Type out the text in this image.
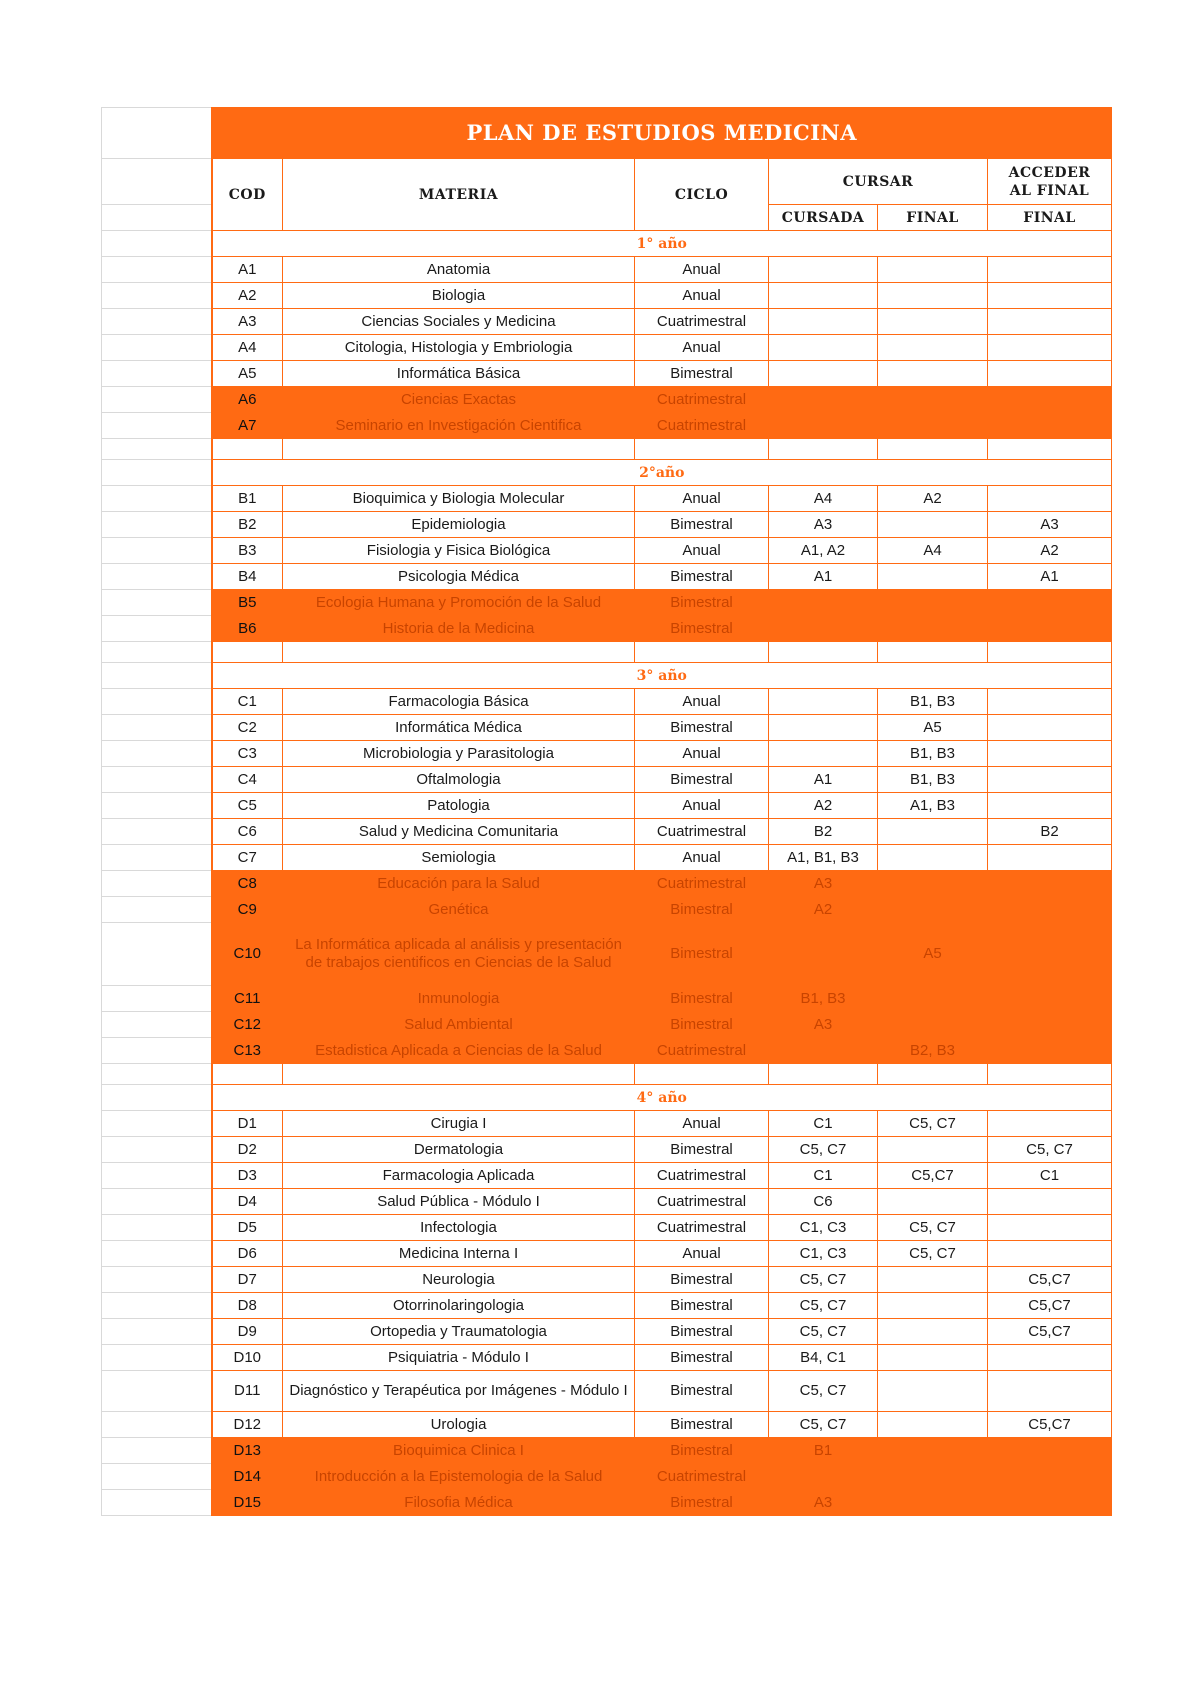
	PLAN DE ESTUDIOS MEDICINA					
	COD	MATERIA	CICLO	CURSAR		ACCEDER
AL FINAL
				CURSADA	FINAL	FINAL
	1° año					
	A1	Anatomia	Anual			
	A2	Biologia	Anual			
	A3	Ciencias Sociales y Medicina	Cuatrimestral			
	A4	Citologia, Histologia y Embriologia	Anual			
	A5	Informática Básica	Bimestral			
	A6	Ciencias Exactas	Cuatrimestral			
	A7	Seminario en Investigación Cientifica	Cuatrimestral			

	2°año					
	B1	Bioquimica y Biologia Molecular	Anual	A4	A2	
	B2	Epidemiologia	Bimestral	A3		A3
	B3	Fisiologia y Fisica Biológica	Anual	A1, A2	A4	A2
	B4	Psicologia Médica	Bimestral	A1		A1
	B5	Ecologia Humana y Promoción de la Salud	Bimestral			
	B6	Historia de la Medicina	Bimestral			

	3° año					
	C1	Farmacologia Básica	Anual		B1, B3	
	C2	Informática Médica	Bimestral		A5	
	C3	Microbiologia y Parasitologia	Anual		B1, B3	
	C4	Oftalmologia	Bimestral	A1	B1, B3	
	C5	Patologia	Anual	A2	A1, B3	
	C6	Salud y Medicina Comunitaria	Cuatrimestral	B2		B2
	C7	Semiologia	Anual	A1, B1, B3		
	C8	Educación para la Salud	Cuatrimestral	A3		
	C9	Genética	Bimestral	A2		
	C10	La Informática aplicada al análisis y presentación de trabajos cientificos en Ciencias de la Salud	Bimestral		A5	
	C11	Inmunologia	Bimestral	B1, B3		
	C12	Salud Ambiental	Bimestral	A3		
	C13	Estadistica Aplicada a Ciencias de la Salud	Cuatrimestral		B2, B3	

	4° año					
	D1	Cirugia I	Anual	C1	C5, C7	
	D2	Dermatologia	Bimestral	C5, C7		C5, C7
	D3	Farmacologia Aplicada	Cuatrimestral	C1	C5,C7	C1
	D4	Salud Pública - Módulo I	Cuatrimestral	C6		
	D5	Infectologia	Cuatrimestral	C1, C3	C5, C7	
	D6	Medicina Interna I	Anual	C1, C3	C5, C7	
	D7	Neurologia	Bimestral	C5, C7		C5,C7
	D8	Otorrinolaringologia	Bimestral	C5, C7		C5,C7
	D9	Ortopedia y Traumatologia	Bimestral	C5, C7		C5,C7
	D10	Psiquiatria - Módulo I	Bimestral	B4, C1		
	D11	Diagnóstico y Terapéutica por Imágenes - Módulo I	Bimestral	C5, C7		
	D12	Urologia	Bimestral	C5, C7		C5,C7
	D13	Bioquimica Clinica I	Bimestral	B1		
	D14	Introducción a la Epistemologia de la Salud	Cuatrimestral			
	D15	Filosofia Médica	Bimestral	A3		
